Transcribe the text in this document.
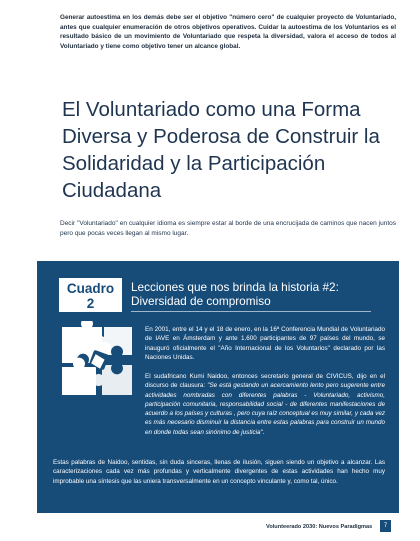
Generar autoestima en los demás debe ser el objetivo "número cero" de cualquier proyecto de Voluntariado, antes que cualquier enumeración de otros objetivos operativos. Cuidar la autoestima de los Voluntarios es el resultado básico de un movimiento de Voluntariado que respeta la diversidad, valora el acceso de todos al Voluntariado y tiene como objetivo tener un alcance global.

El Voluntariado como una Forma Diversa y Poderosa de Construir la Solidaridad y la Participación Ciudadana

Decir "Voluntariado" en cualquier idioma es siempre estar al borde de una encrucijada de caminos que nacen juntos pero que pocas veces llegan al mismo lugar.

Cuadro
2
Lecciones que nos brinda la historia #2:
Diversidad de compromiso

En 2001, entre el 14 y el 18 de enero, en la 16ª Conferencia Mundial de Voluntariado de IAVE en Ámsterdam y ante 1.600 participantes de 97 países del mundo, se inauguró oficialmente el "Año Internacional de los Voluntarios" declarado por las Naciones Unidas.

El sudafricano Kumi Naidoo, entonces secretario general de CIVICUS, dijo en el discurso de clausura: "Se está gestando un acercamiento lento pero sugerente entre actividades nombradas con diferentes palabras - Voluntariado, activismo, participación comunitaria, responsabilidad social - de diferentes manifestaciones de acuerdo a los países y culturas , pero cuya raíz conceptual es muy similar, y cada vez es más necesario disminuir la distancia entre estas palabras para construir un mundo en donde todas sean sinónimo de justicia".

Estas palabras de Naidoo, sentidas, sin duda sinceras, llenas de ilusión, siguen siendo un objetivo a alcanzar. Las caracterizaciones cada vez más profundas y verticalmente divergentes de estas actividades han hecho muy improbable una síntesis que las uniera transversalmente en un concepto vinculante y, como tal, único.

Volunteerado 2030: Nuevos Paradigmas	7
